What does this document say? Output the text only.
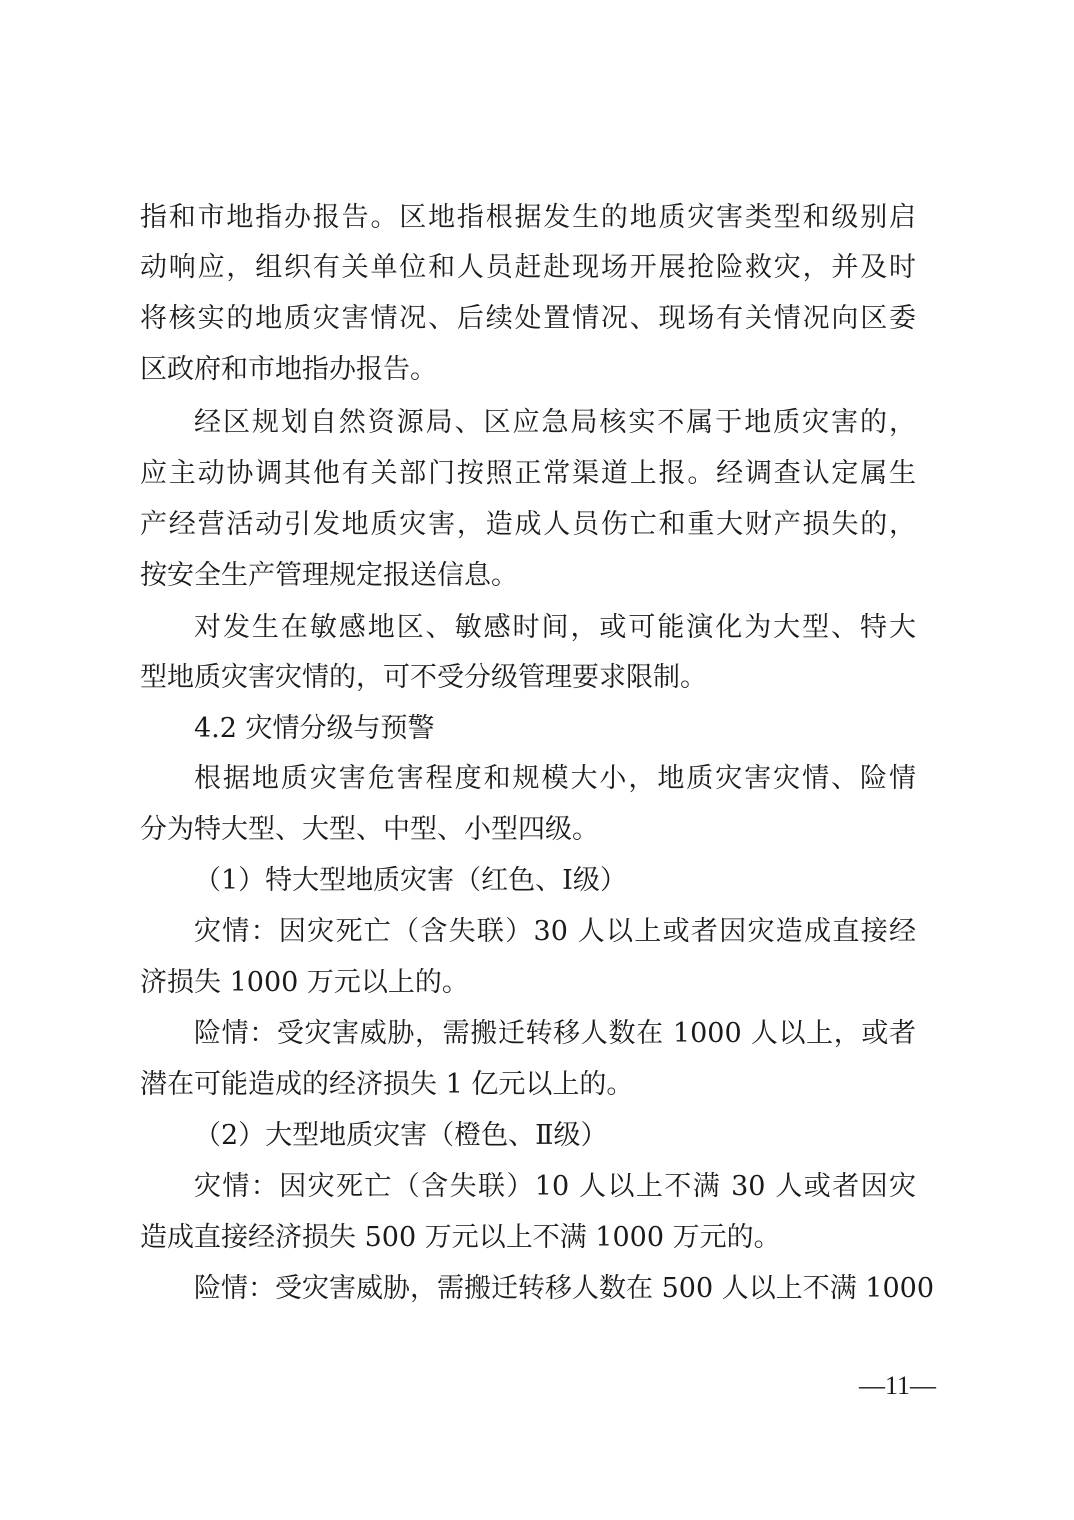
指和市地指办报告。区地指根据发生的地质灾害类型和级别启
动响应，组织有关单位和人员赶赴现场开展抢险救灾，并及时
将核实的地质灾害情况、后续处置情况、现场有关情况向区委
区政府和市地指办报告。
经区规划自然资源局、区应急局核实不属于地质灾害的，
应主动协调其他有关部门按照正常渠道上报。经调查认定属生
产经营活动引发地质灾害，造成人员伤亡和重大财产损失的，
按安全生产管理规定报送信息。
对发生在敏感地区、敏感时间，或可能演化为大型、特大
型地质灾害灾情的，可不受分级管理要求限制。
4.2 灾情分级与预警
根据地质灾害危害程度和规模大小，地质灾害灾情、险情
分为特大型、大型、中型、小型四级。
（1）特大型地质灾害（红色、Ⅰ级）
灾情：因灾死亡（含失联）30 人以上或者因灾造成直接经
济损失 1000 万元以上的。
险情：受灾害威胁，需搬迁转移人数在 1000 人以上，或者
潜在可能造成的经济损失 1 亿元以上的。
（2）大型地质灾害（橙色、Ⅱ级）
灾情：因灾死亡（含失联）10 人以上不满 30 人或者因灾
造成直接经济损失 500 万元以上不满 1000 万元的。
险情：受灾害威胁，需搬迁转移人数在 500 人以上不满 1000
—11—
